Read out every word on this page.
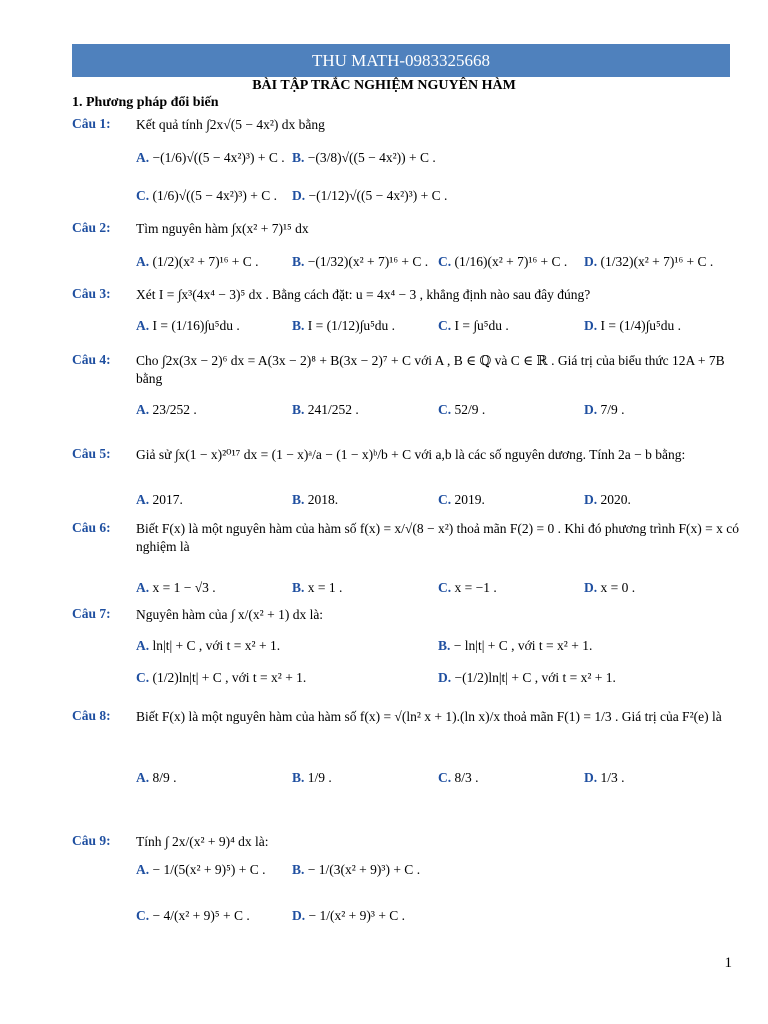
THU MATH-0983325668
BÀI TẬP TRẮC NGHIỆM NGUYÊN HÀM
1. Phương pháp đổi biến
Câu 1: Kết quả tính ∫2x√(5 − 4x²) dx bằng
A. −(1/6)√((5 − 4x²)³) + C . B. −(3/8)√((5 − 4x²)) + C .
C. (1/6)√((5 − 4x²)³) + C . D. −(1/12)√((5 − 4x²)³) + C .
Câu 2: Tìm nguyên hàm ∫x(x² + 7)¹⁵ dx
A. (1/2)(x² + 7)¹⁶ + C . B. −(1/32)(x² + 7)¹⁶ + C . C. (1/16)(x² + 7)¹⁶ + C . D. (1/32)(x² + 7)¹⁶ + C .
Câu 3: Xét I = ∫x³(4x⁴ − 3)⁵ dx . Bằng cách đặt: u = 4x⁴ − 3 , khẳng định nào sau đây đúng?
A. I = (1/16)∫u⁵du .	B. I = (1/12)∫u⁵du .	C. I = ∫u⁵du .	D. I = (1/4)∫u⁵du .
Câu 4: Cho ∫2x(3x − 2)⁶ dx = A(3x − 2)⁸ + B(3x − 2)⁷ + C với A , B ∈ ℚ và C ∈ ℝ . Giá trị của biểu thức 12A + 7B bằng
A. 23/252 .	B. 241/252 .	C. 52/9 .	D. 7/9 .
Câu 5: Giả sử ∫x(1 − x)²⁰¹⁷ dx = (1 − x)ᵃ/a − (1 − x)ᵇ/b + C với a,b là các số nguyên dương. Tính 2a − b bằng:
A. 2017.	B. 2018.	C. 2019.	D. 2020.
Câu 6: Biết F(x) là một nguyên hàm của hàm số f(x) = x/√(8 − x²) thoả mãn F(2) = 0 . Khi đó phương trình F(x) = x có nghiệm là
A. x = 1 − √3 .	B. x = 1 .	C. x = −1 .	D. x = 0 .
Câu 7: Nguyên hàm của ∫ x/(x² + 1) dx là:
A. ln|t| + C , với t = x² + 1.	B. − ln|t| + C , với t = x² + 1.
C. (1/2)ln|t| + C , với t = x² + 1.	D. −(1/2)ln|t| + C , với t = x² + 1.
Câu 8: Biết F(x) là một nguyên hàm của hàm số f(x) = √(ln² x + 1).(ln x)/x thoả mãn F(1) = 1/3 . Giá trị của F²(e) là
A. 8/9 .	B. 1/9 .	C. 8/3 .	D. 1/3 .
Câu 9: Tính ∫ 2x/(x² + 9)⁴ dx là:
A. − 1/(5(x² + 9)⁵) + C . B. − 1/(3(x² + 9)³) + C .
C. − 4/(x² + 9)⁵ + C .	D. − 1/(x² + 9)³ + C .
1
